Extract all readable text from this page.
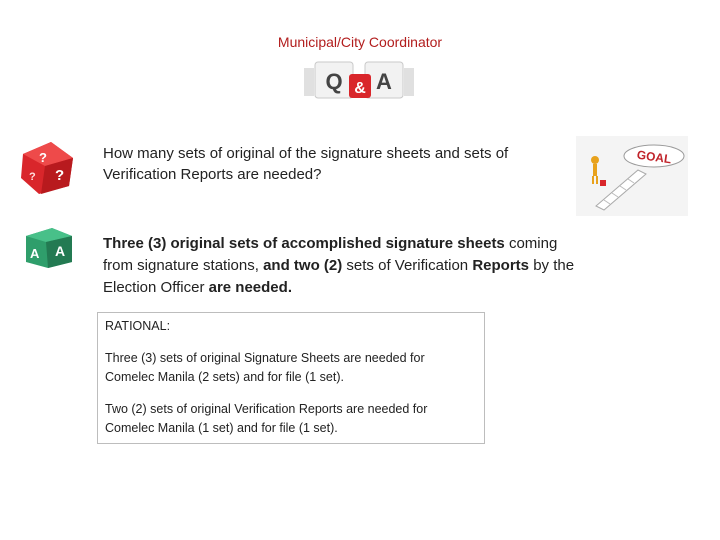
Municipal/City Coordinator
Q & A
?
?
?
A A
GOAL
How many sets of original of the signature sheets and sets of Verification Reports are needed?
Three (3) original sets of accomplished signature sheets coming from signature stations, and two (2) sets of Verification Reports by the Election Officer are needed.

RATIONAL:

Three (3) sets of original Signature Sheets are needed for Comelec Manila (2 sets) and for file (1 set).

Two (2) sets of original Verification Reports are needed for Comelec Manila (1 set) and for file (1 set).
